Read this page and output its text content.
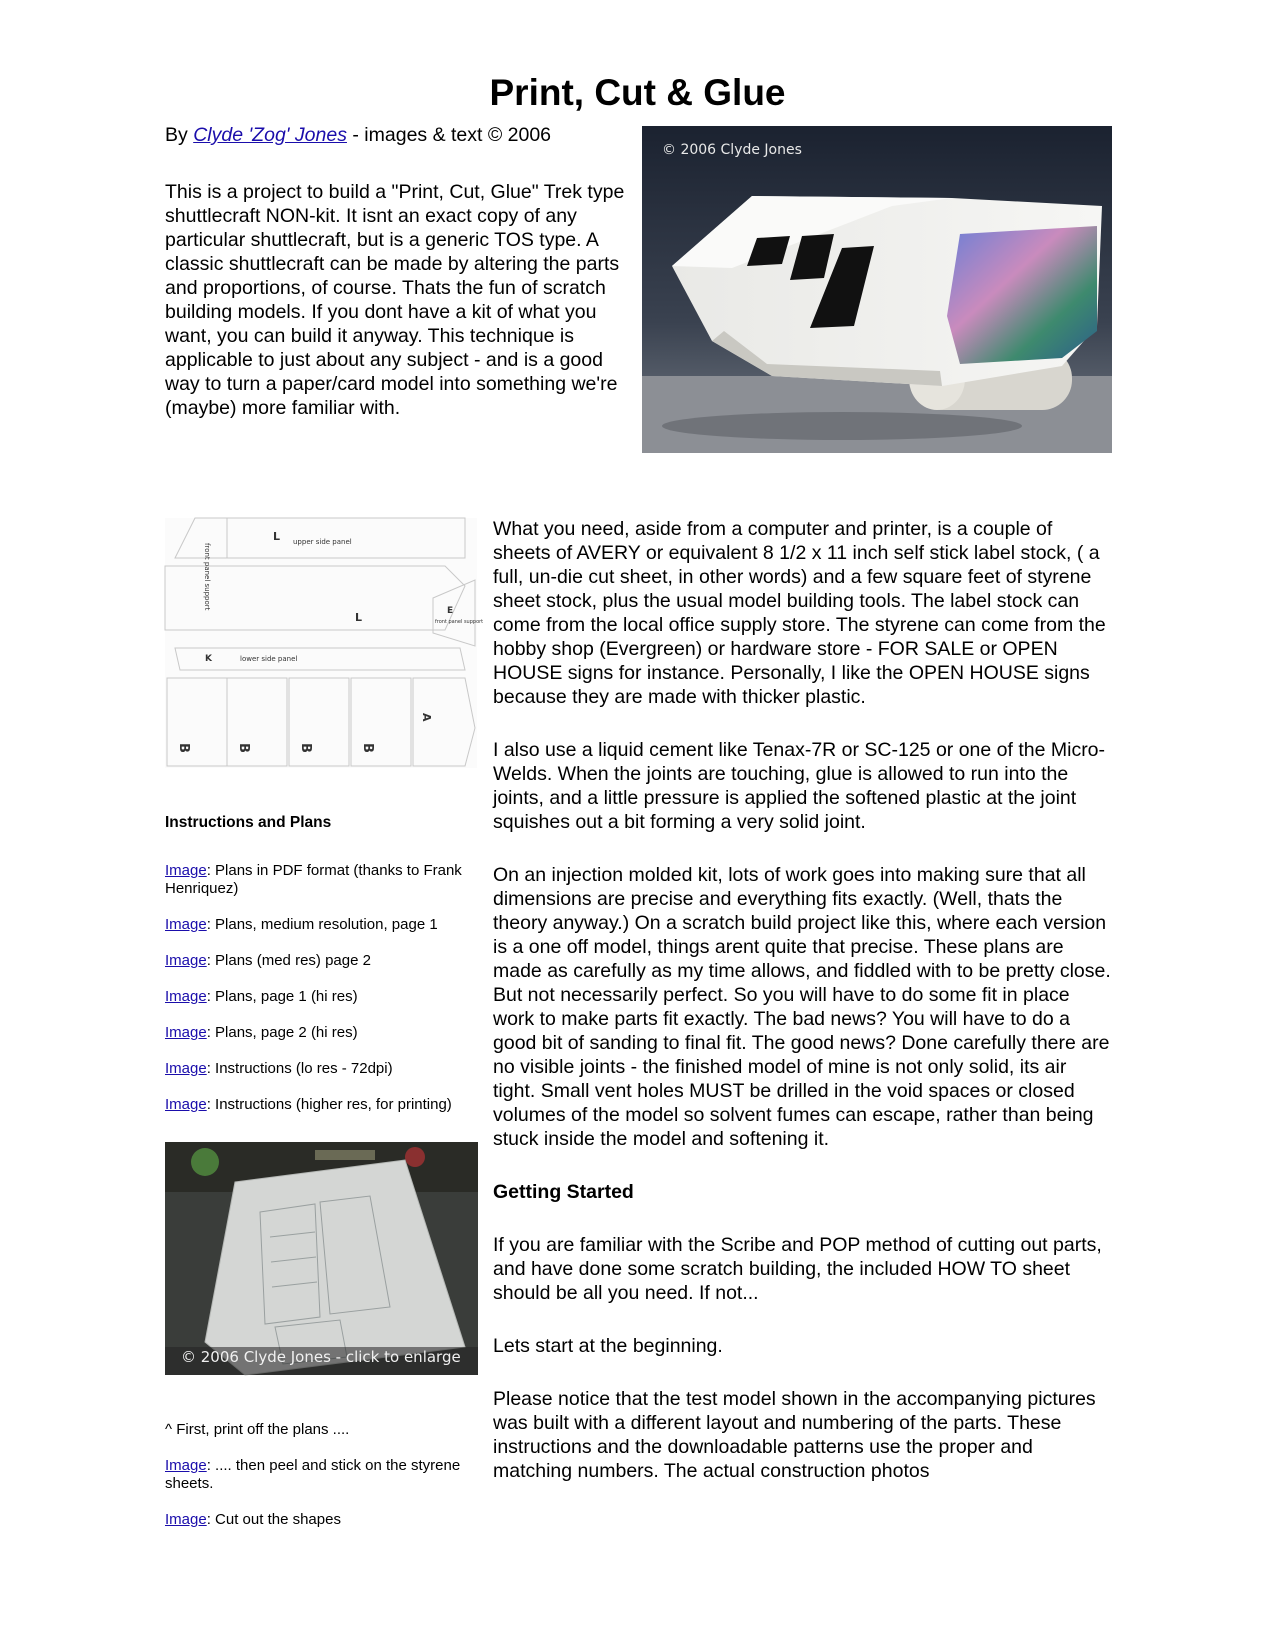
Print, Cut & Glue
By Clyde 'Zog' Jones - images & text © 2006

This is a project to build a "Print, Cut, Glue" Trek type shuttlecraft NON-kit. It isnt an exact copy of any particular shuttlecraft, but is a generic TOS type. A classic shuttlecraft can be made by altering the parts and proportions, of course. Thats the fun of scratch building models. If you dont have a kit of what you want, you can build it anyway. This technique is applicable to just about any subject - and is a good way to turn a paper/card model into something we're (maybe) more familiar with.

© 2006 Clyde Jones
front panel support
upper side panel
L
L
lower side panel
K
E
front panel support
B	B	B	B
A
Instructions and Plans
Image: Plans in PDF format (thanks to Frank Henriquez)
Image: Plans, medium resolution, page 1
Image: Plans (med res) page 2
Image: Plans, page 1 (hi res)
Image: Plans, page 2 (hi res)
Image: Instructions (lo res - 72dpi)
Image: Instructions (higher res, for printing)
© 2006 Clyde Jones - click to enlarge

^ First, print off the plans ....

Image: .... then peel and stick on the styrene sheets.

Image: Cut out the shapes

What you need, aside from a computer and printer, is a couple of sheets of AVERY or equivalent 8 1/2 x 11 inch self stick label stock, ( a full, un-die cut sheet, in other words) and a few square feet of styrene sheet stock, plus the usual model building tools. The label stock can come from the local office supply store. The styrene can come from the hobby shop (Evergreen) or hardware store - FOR SALE or OPEN HOUSE signs for instance. Personally, I like the OPEN HOUSE signs because they are made with thicker plastic.

I also use a liquid cement like Tenax-7R or SC-125 or one of the Micro-Welds. When the joints are touching, glue is allowed to run into the joints, and a little pressure is applied the softened plastic at the joint squishes out a bit forming a very solid joint.

On an injection molded kit, lots of work goes into making sure that all dimensions are precise and everything fits exactly. (Well, thats the theory anyway.) On a scratch build project like this, where each version is a one off model, things arent quite that precise. These plans are made as carefully as my time allows, and fiddled with to be pretty close. But not necessarily perfect. So you will have to do some fit in place work to make parts fit exactly. The bad news? You will have to do a good bit of sanding to final fit. The good news? Done carefully there are no visible joints - the finished model of mine is not only solid, its air tight. Small vent holes MUST be drilled in the void spaces or closed volumes of the model so solvent fumes can escape, rather than being stuck inside the model and softening it.

Getting Started

If you are familiar with the Scribe and POP method of cutting out parts, and have done some scratch building, the included HOW TO sheet should be all you need. If not...

Lets start at the beginning.

Please notice that the test model shown in the accompanying pictures was built with a different layout and numbering of the parts. These instructions and the downloadable patterns use the proper and matching numbers. The actual construction photos
